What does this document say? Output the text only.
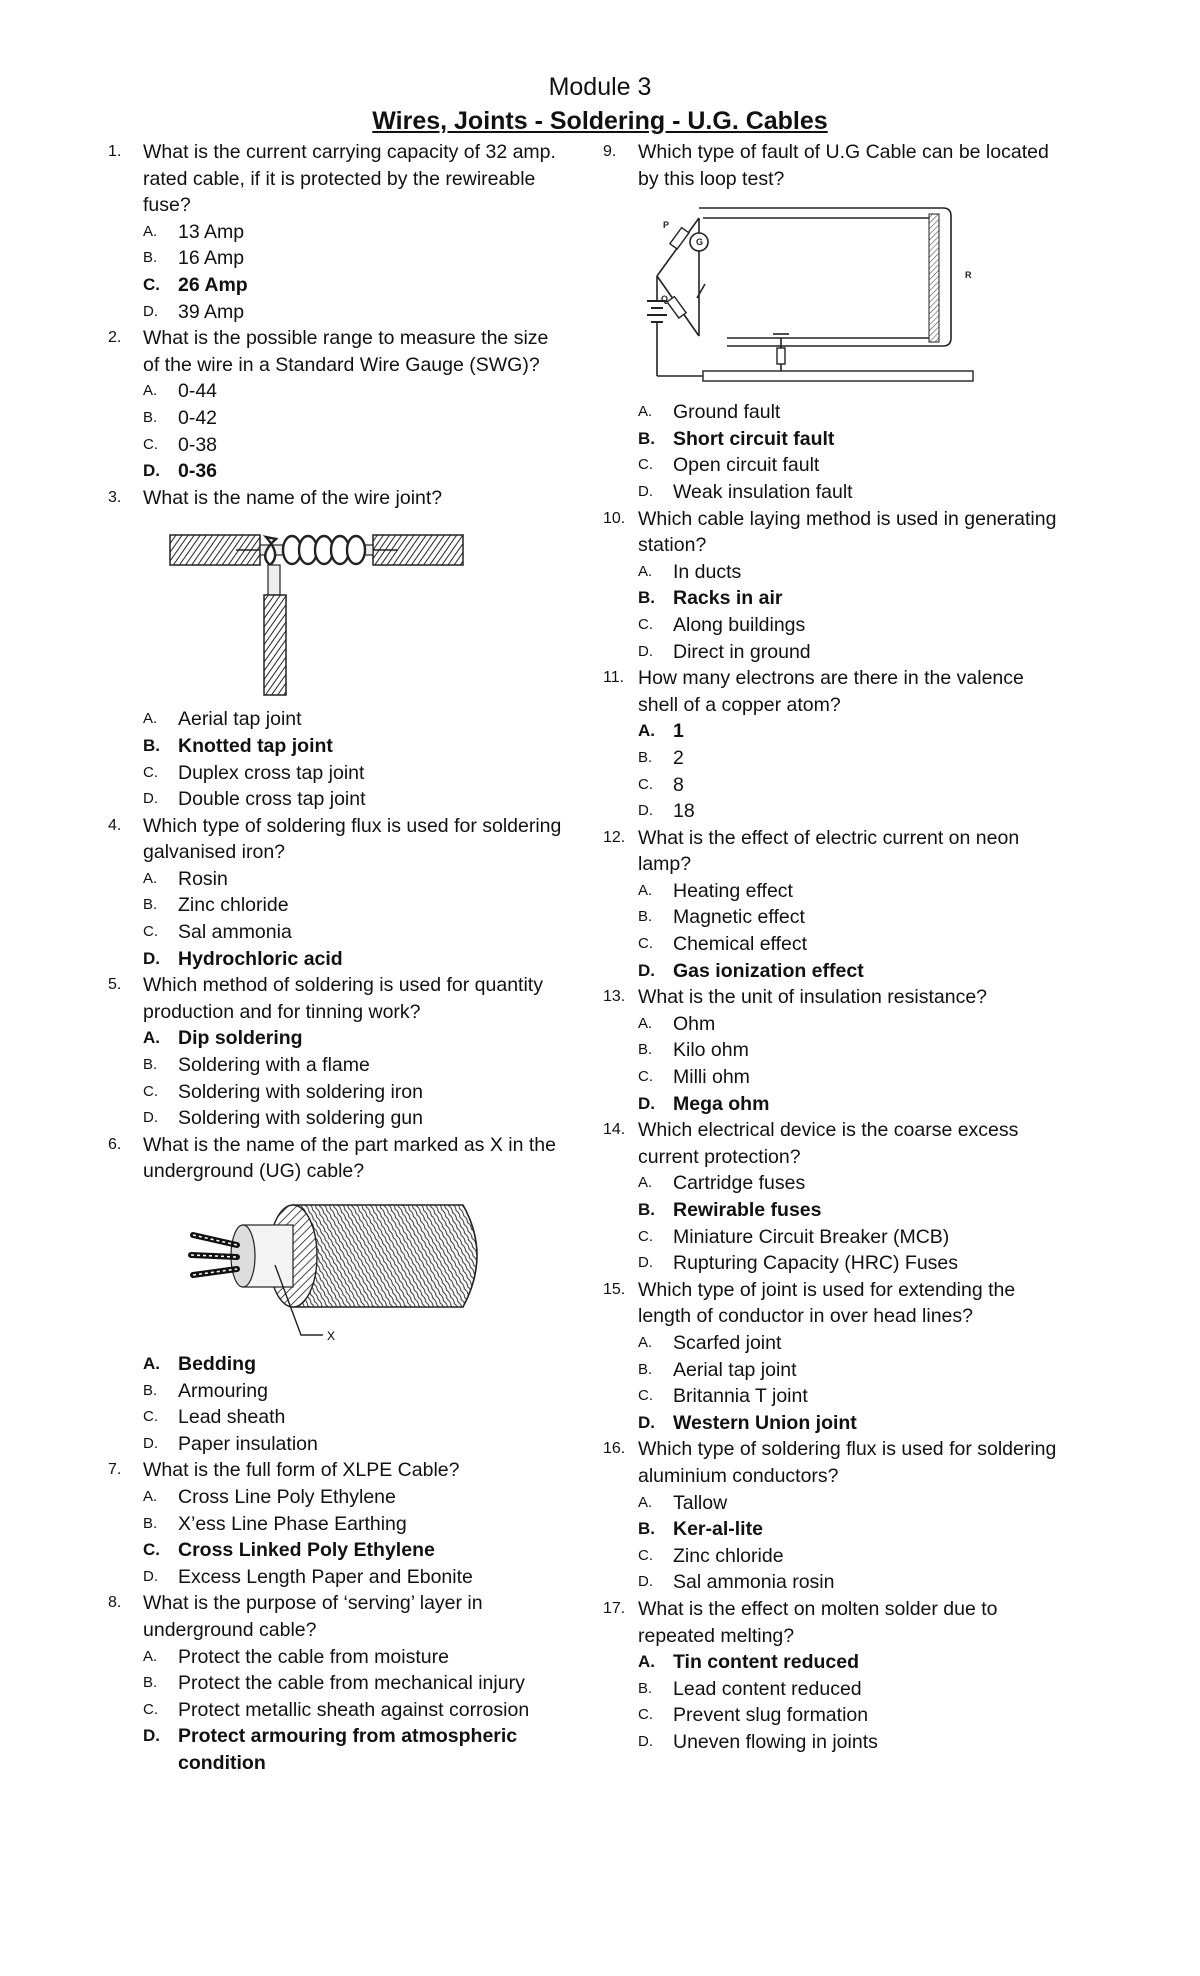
Module 3
Wires, Joints - Soldering - U.G. Cables
1. What is the current carrying capacity of 32 amp. rated cable, if it is protected by the rewireable fuse?
A. 13 Amp
B. 16 Amp
C. 26 Amp
D. 39 Amp
2. What is the possible range to measure the size of the wire in a Standard Wire Gauge (SWG)?
A. 0-44
B. 0-42
C. 0-38
D. 0-36
3. What is the name of the wire joint?
A. Aerial tap joint
B. Knotted tap joint
C. Duplex cross tap joint
D. Double cross tap joint
4. Which type of soldering flux is used for soldering galvanised iron?
A. Rosin
B. Zinc chloride
C. Sal ammonia
D. Hydrochloric acid
5. Which method of soldering is used for quantity production and for tinning work?
A. Dip soldering
B. Soldering with a flame
C. Soldering with soldering iron
D. Soldering with soldering gun
6. What is the name of the part marked as X in the underground (UG) cable?
X
A. Bedding
B. Armouring
C. Lead sheath
D. Paper insulation
7. What is the full form of XLPE Cable?
A. Cross Line Poly Ethylene
B. X’ess Line Phase Earthing
C. Cross Linked Poly Ethylene
D. Excess Length Paper and Ebonite
8. What is the purpose of ‘serving’ layer in underground cable?
A. Protect the cable from moisture
B. Protect the cable from mechanical injury
C. Protect metallic sheath against corrosion
D. Protect armouring from atmospheric condition
9. Which type of fault of U.G Cable can be located by this loop test?
P
Q
G
R
A. Ground fault
B. Short circuit fault
C. Open circuit fault
D. Weak insulation fault
10. Which cable laying method is used in generating station?
A. In ducts
B. Racks in air
C. Along buildings
D. Direct in ground
11. How many electrons are there in the valence shell of a copper atom?
A. 1
B. 2
C. 8
D. 18
12. What is the effect of electric current on neon lamp?
A. Heating effect
B. Magnetic effect
C. Chemical effect
D. Gas ionization effect
13. What is the unit of insulation resistance?
A. Ohm
B. Kilo ohm
C. Milli ohm
D. Mega ohm
14. Which electrical device is the coarse excess current protection?
A. Cartridge fuses
B. Rewirable fuses
C. Miniature Circuit Breaker (MCB)
D. Rupturing Capacity (HRC) Fuses
15. Which type of joint is used for extending the length of conductor in over head lines?
A. Scarfed joint
B. Aerial tap joint
C. Britannia T joint
D. Western Union joint
16. Which type of soldering flux is used for soldering aluminium conductors?
A. Tallow
B. Ker-al-lite
C. Zinc chloride
D. Sal ammonia rosin
17. What is the effect on molten solder due to repeated melting?
A. Tin content reduced
B. Lead content reduced
C. Prevent slug formation
D. Uneven flowing in joints
